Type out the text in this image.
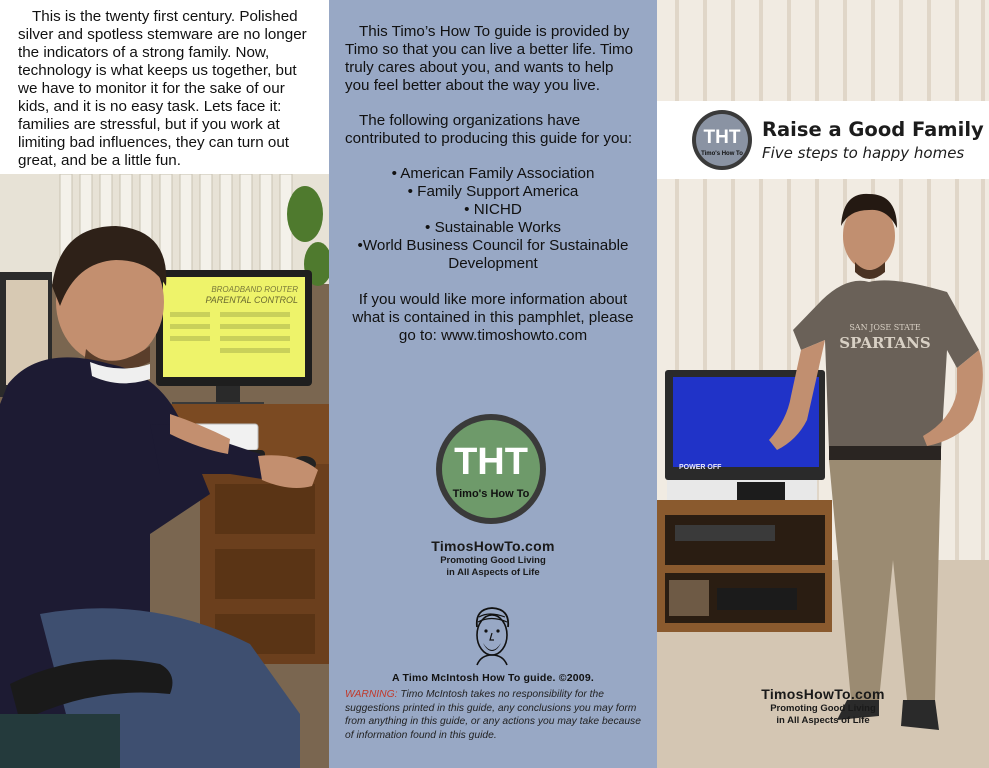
This is the twenty first century. Polished silver and spotless stemware are no longer the indicators of a strong family. Now, technology is what keeps us together, but we have to monitor it for the sake of our kids, and it is no easy task. Lets face it: families are stressful, but if you work at limiting bad influences, they can turn out great, and be a little fun.

BROADBAND ROUTER
PARENTAL CONTROL

This Timo’s How To guide is provided by Timo so that you can live a better life. Timo truly cares about you, and wants to help you feel better about the way you live.

The following organizations have contributed to producing this guide for you:

• American Family Association
• Family Support America
• NICHD
• Sustainable Works
•World Business Council for Sustainable Development

If you would like more information about what is contained in this pamphlet, please go to: www.timoshowto.com

THT
Timo's How To
TimosHowTo.com
Promoting Good Living
in All Aspects of Life
A Timo McIntosh How To guide. ©2009.

WARNING: Timo McIntosh takes no responsibility for the suggestions printed in this guide, any conclusions you may form from anything in this guide, or any actions you may take because of information found in this guide.

POWER OFF
SAN JOSE STATE
SPARTANS
THT
Timo's How To
Raise a Good Family
Five steps to happy homes
TimosHowTo.com
Promoting Good Living
in All Aspects of Life
